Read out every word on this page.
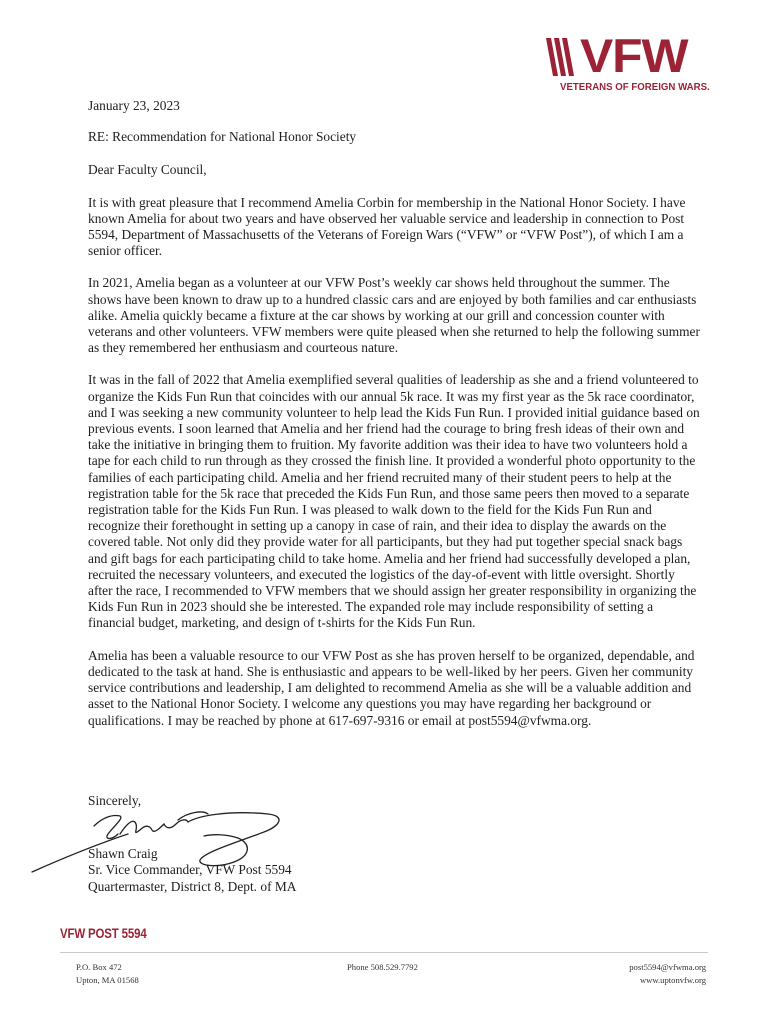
VFW
VETERANS OF FOREIGN WARS.

January 23, 2023

RE: Recommendation for National Honor Society

Dear Faculty Council,

It is with great pleasure that I recommend Amelia Corbin for membership in the National Honor Society. I have known Amelia for about two years and have observed her valuable service and leadership in connection to Post 5594, Department of Massachusetts of the Veterans of Foreign Wars (“VFW” or “VFW Post”), of which I am a senior officer.

In 2021, Amelia began as a volunteer at our VFW Post’s weekly car shows held throughout the summer. The shows have been known to draw up to a hundred classic cars and are enjoyed by both families and car enthusiasts alike. Amelia quickly became a fixture at the car shows by working at our grill and concession counter with veterans and other volunteers. VFW members were quite pleased when she returned to help the following summer as they remembered her enthusiasm and courteous nature.

It was in the fall of 2022 that Amelia exemplified several qualities of leadership as she and a friend volunteered to organize the Kids Fun Run that coincides with our annual 5k race. It was my first year as the 5k race coordinator, and I was seeking a new community volunteer to help lead the Kids Fun Run. I provided initial guidance based on previous events. I soon learned that Amelia and her friend had the courage to bring fresh ideas of their own and take the initiative in bringing them to fruition. My favorite addition was their idea to have two volunteers hold a tape for each child to run through as they crossed the finish line. It provided a wonderful photo opportunity to the families of each participating child. Amelia and her friend recruited many of their student peers to help at the registration table for the 5k race that preceded the Kids Fun Run, and those same peers then moved to a separate registration table for the Kids Fun Run. I was pleased to walk down to the field for the Kids Fun Run and recognize their forethought in setting up a canopy in case of rain, and their idea to display the awards on the covered table. Not only did they provide water for all participants, but they had put together special snack bags and gift bags for each participating child to take home. Amelia and her friend had successfully developed a plan, recruited the necessary volunteers, and executed the logistics of the day-of-event with little oversight. Shortly after the race, I recommended to VFW members that we should assign her greater responsibility in organizing the Kids Fun Run in 2023 should she be interested. The expanded role may include responsibility of setting a financial budget, marketing, and design of t-shirts for the Kids Fun Run.

Amelia has been a valuable resource to our VFW Post as she has proven herself to be organized, dependable, and dedicated to the task at hand. She is enthusiastic and appears to be well-liked by her peers. Given her community service contributions and leadership, I am delighted to recommend Amelia as she will be a valuable addition and asset to the National Honor Society. I welcome any questions you may have regarding her background or qualifications. I may be reached by phone at 617-697-9316 or email at post5594@vfwma.org.

Sincerely,

Shawn Craig

Sr. Vice Commander, VFW Post 5594

Quartermaster, District 8, Dept. of MA

VFW POST 5594

P.O. Box 472

Upton, MA 01568

Phone 508.529.7792	post5594@vfwma.org

www.uptonvfw.org
